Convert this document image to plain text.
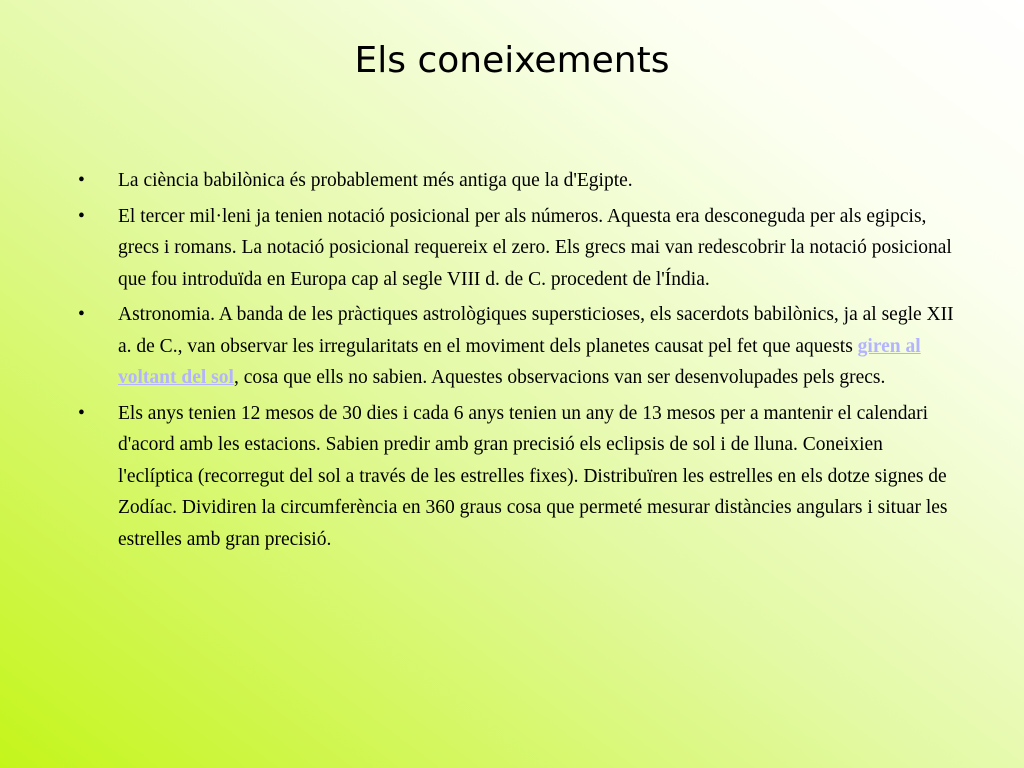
Els coneixements
•	La ciència babilònica és probablement més antiga que la d'Egipte.
•	El tercer mil·leni ja tenien notació posicional per als números. Aquesta era desconeguda per als egipcis, grecs i romans. La notació posicional requereix el zero. Els grecs mai van redescobrir la notació posicional que fou introduïda en Europa cap al segle VIII d. de C. procedent de l'Índia.
•	Astronomia. A banda de les pràctiques astrològiques supersticioses, els sacerdots babilònics, ja al segle XII a. de C., van observar les irregularitats en el moviment dels planetes causat pel fet que aquests giren al voltant del sol, cosa que ells no sabien. Aquestes observacions van ser desenvolupades pels grecs.
•	Els anys tenien 12 mesos de 30 dies i cada 6 anys tenien un any de 13 mesos per a mantenir el calendari d'acord amb les estacions. Sabien predir amb gran precisió els eclipsis de sol i de lluna. Coneixien l'eclíptica (recorregut del sol a través de les estrelles fixes). Distribuïren les estrelles en els dotze signes de Zodíac. Dividiren la circumferència en 360 graus cosa que permeté mesurar distàncies angulars i situar les estrelles amb gran precisió.
